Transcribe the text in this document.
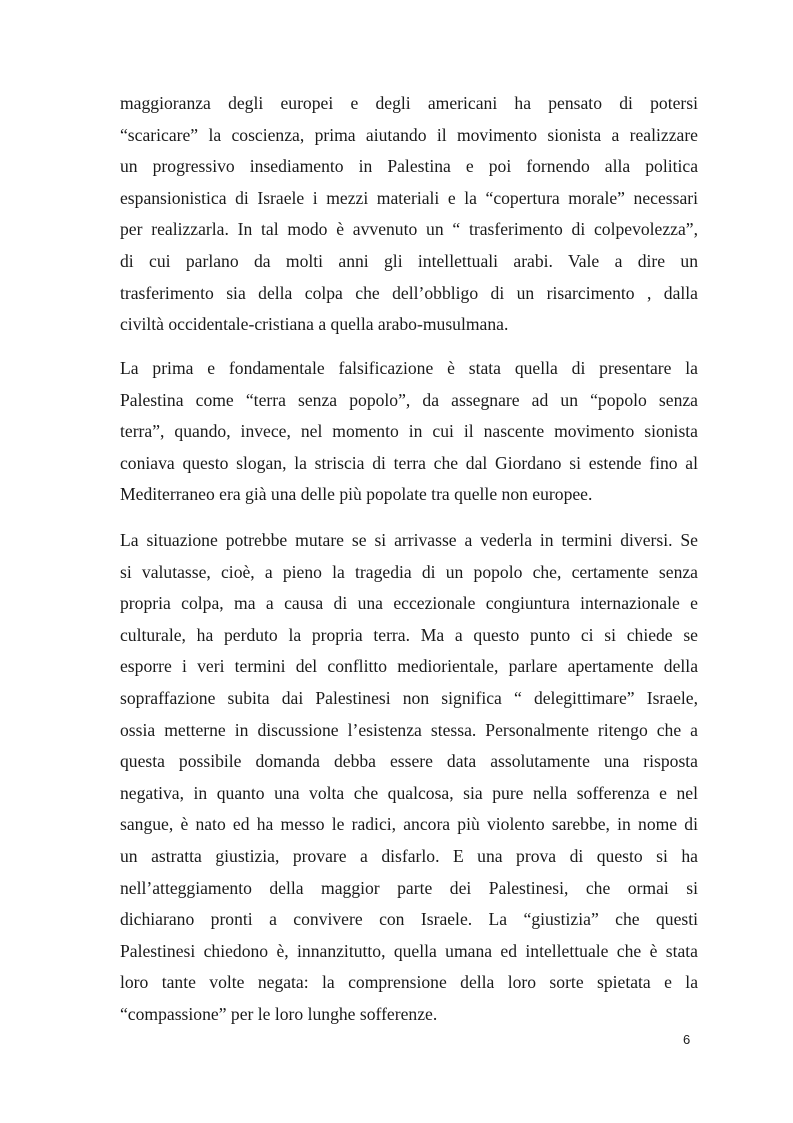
maggioranza degli europei e degli americani ha pensato di potersi
“scaricare” la coscienza, prima aiutando il movimento sionista a realizzare
un progressivo insediamento in Palestina e poi fornendo alla politica
espansionistica di Israele i mezzi materiali e la “copertura morale” necessari
per realizzarla. In tal modo è avvenuto un “ trasferimento di colpevolezza”,
di cui parlano da molti anni gli intellettuali arabi. Vale a dire un
trasferimento sia della colpa che dell’obbligo di un risarcimento , dalla
civiltà occidentale-cristiana a quella arabo-musulmana.

La prima e fondamentale falsificazione è stata quella di presentare la
Palestina come “terra senza popolo”, da assegnare ad un “popolo senza
terra”, quando, invece, nel momento in cui il nascente movimento sionista
coniava questo slogan, la striscia di terra che dal Giordano si estende fino al
Mediterraneo era già una delle più popolate tra quelle non europee.

La situazione potrebbe mutare se si arrivasse a vederla in termini diversi. Se
si valutasse, cioè, a pieno la tragedia di un popolo che, certamente senza
propria colpa, ma a causa di una eccezionale congiuntura internazionale e
culturale, ha perduto la propria terra. Ma a questo punto ci si chiede se
esporre i veri termini del conflitto mediorientale, parlare apertamente della
sopraffazione subita dai Palestinesi non significa “ delegittimare” Israele,
ossia metterne in discussione l’esistenza stessa. Personalmente ritengo che a
questa possibile domanda debba essere data assolutamente una risposta
negativa, in quanto una volta che qualcosa, sia pure nella sofferenza e nel
sangue, è nato ed ha messo le radici, ancora più violento sarebbe, in nome di
un astratta giustizia, provare a disfarlo. E una prova di questo si ha
nell’atteggiamento della maggior parte dei Palestinesi, che ormai si
dichiarano pronti a convivere con Israele. La “giustizia” che questi
Palestinesi chiedono è, innanzitutto, quella umana ed intellettuale che è stata
loro tante volte negata: la comprensione della loro sorte spietata e la
“compassione” per le loro lunghe sofferenze.

6
